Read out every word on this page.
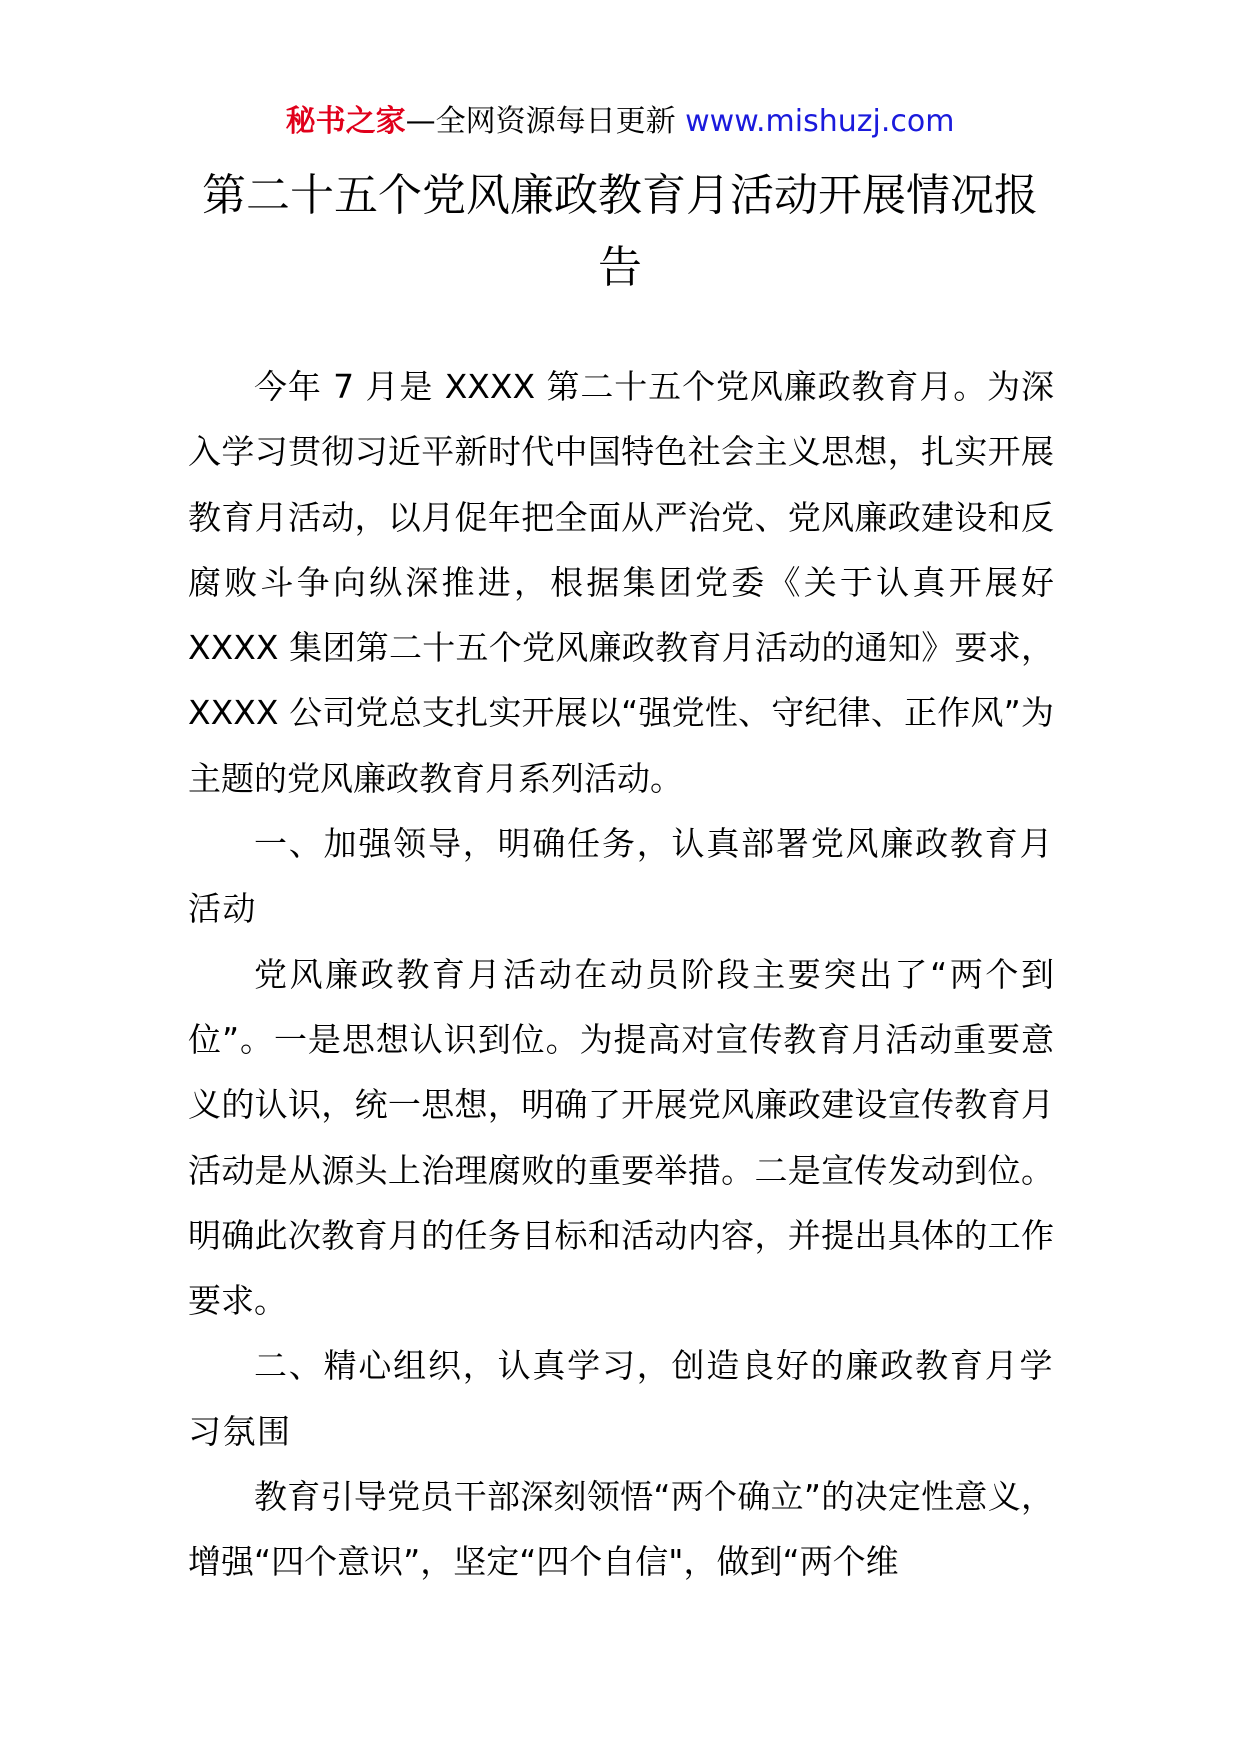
秘书之家—全网资源每日更新 www.mishuzj.com
第二十五个党风廉政教育月活动开展情况报告

今年 7 月是 XXXX 第二十五个党风廉政教育月。为深入学习贯彻习近平新时代中国特色社会主义思想，扎实开展教育月活动，以月促年把全面从严治党、党风廉政建设和反腐败斗争向纵深推进，根据集团党委《关于认真开展好 XXXX 集团第二十五个党风廉政教育月活动的通知》要求，XXXX 公司党总支扎实开展以“强党性、守纪律、正作风”为主题的党风廉政教育月系列活动。

一、加强领导，明确任务，认真部署党风廉政教育月活动

党风廉政教育月活动在动员阶段主要突出了“两个到位”。一是思想认识到位。为提高对宣传教育月活动重要意义的认识，统一思想，明确了开展党风廉政建设宣传教育月活动是从源头上治理腐败的重要举措。二是宣传发动到位。明确此次教育月的任务目标和活动内容，并提出具体的工作要求。

二、精心组织，认真学习，创造良好的廉政教育月学习氛围

教育引导党员干部深刻领悟“两个确立”的决定性意义，增强“四个意识”，坚定“四个自信"，做到“两个维
